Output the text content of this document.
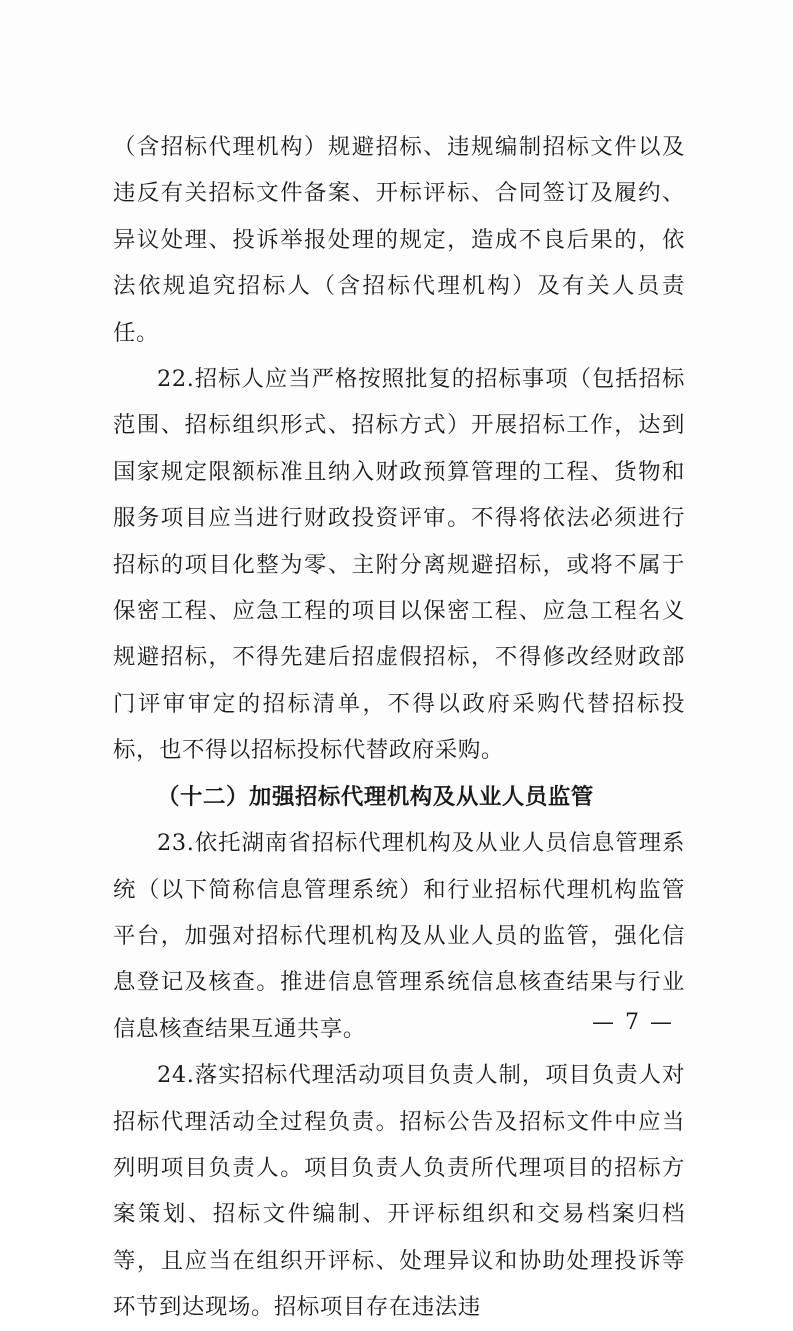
（含招标代理机构）规避招标、违规编制招标文件以及违反有关招标文件备案、开标评标、合同签订及履约、异议处理、投诉举报处理的规定，造成不良后果的，依法依规追究招标人（含招标代理机构）及有关人员责任。

22.招标人应当严格按照批复的招标事项（包括招标范围、招标组织形式、招标方式）开展招标工作，达到国家规定限额标准且纳入财政预算管理的工程、货物和服务项目应当进行财政投资评审。不得将依法必须进行招标的项目化整为零、主附分离规避招标，或将不属于保密工程、应急工程的项目以保密工程、应急工程名义规避招标，不得先建后招虚假招标，不得修改经财政部门评审审定的招标清单，不得以政府采购代替招标投标，也不得以招标投标代替政府采购。

（十二）加强招标代理机构及从业人员监管

23.依托湖南省招标代理机构及从业人员信息管理系统（以下简称信息管理系统）和行业招标代理机构监管平台，加强对招标代理机构及从业人员的监管，强化信息登记及核查。推进信息管理系统信息核查结果与行业信息核查结果互通共享。

24.落实招标代理活动项目负责人制，项目负责人对招标代理活动全过程负责。招标公告及招标文件中应当列明项目负责人。项目负责人负责所代理项目的招标方案策划、招标文件编制、开评标组织和交易档案归档等，且应当在组织开评标、处理异议和协助处理投诉等环节到达现场。招标项目存在违法违

— 7 —
